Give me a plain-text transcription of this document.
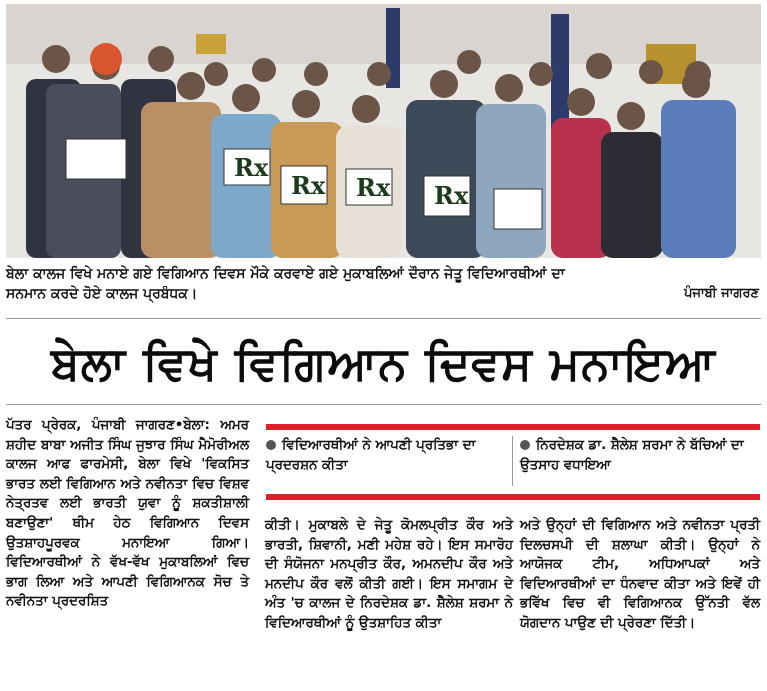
Rx
Rx Rx Rx
ਬੇਲਾ ਕਾਲਜ ਵਿਖੇ ਮਨਾਏ ਗਏ ਵਿਗਿਆਨ ਦਿਵਸ ਮੌਕੇ ਕਰਵਾਏ ਗਏ ਮੁਕਾਬਲਿਆਂ ਦੌਰਾਨ ਜੇਤੂ ਵਿਦਿਆਰਥੀਆਂ ਦਾ
ਸਨਮਾਨ ਕਰਦੇ ਹੋਏ ਕਾਲਜ ਪ੍ਰਬੰਧਕ।	ਪੰਜਾਬੀ ਜਾਗਰਣ
ਬੇਲਾ ਵਿਖੇ ਵਿਗਿਆਨ ਦਿਵਸ ਮਨਾਇਆ

ਪੱਤਰ ਪ੍ਰੇਰਕ, ਪੰਜਾਬੀ ਜਾਗਰਣ•ਬੇਲਾ: ਅਮਰ ਸ਼ਹੀਦ ਬਾਬਾ ਅਜੀਤ ਸਿੰਘ ਜੁਝਾਰ ਸਿੰਘ ਮੈਮੋਰੀਅਲ ਕਾਲਜ ਆਫ ਫਾਰਮੇਸੀ, ਬੇਲਾ ਵਿਖੇ 'ਵਿਕਸਿਤ ਭਾਰਤ ਲਈ ਵਿਗਿਆਨ ਅਤੇ ਨਵੀਨਤਾ ਵਿਚ ਵਿਸ਼ਵ ਨੇਤ੍ਰਤਵ ਲਈ ਭਾਰਤੀ ਯੁਵਾ ਨੂੰ ਸ਼ਕਤੀਸ਼ਾਲੀ ਬਣਾਉਣਾ' ਥੀਮ ਹੇਠ ਵਿਗਿਆਨ ਦਿਵਸ ਉਤਸ਼ਾਹਪੂਰਵਕ ਮਨਾਇਆ ਗਿਆ। ਵਿਦਿਆਰਥੀਆਂ ਨੇ ਵੱਖ-ਵੱਖ ਮੁਕਾਬਲਿਆਂ ਵਿਚ ਭਾਗ ਲਿਆ ਅਤੇ ਆਪਣੀ ਵਿਗਿਆਨਕ ਸੋਚ ਤੇ ਨਵੀਨਤਾ ਪ੍ਰਦਰਸ਼ਿਤ

ਵਿਦਿਆਰਥੀਆਂ ਨੇ ਆਪਣੀ ਪ੍ਰਤਿਭਾ ਦਾ ਪ੍ਰਦਰਸ਼ਨ ਕੀਤਾ
ਨਿਰਦੇਸ਼ਕ ਡਾ. ਸ਼ੈਲੇਸ਼ ਸ਼ਰਮਾ ਨੇ ਬੱਚਿਆਂ ਦਾ ਉਤਸਾਹ ਵਧਾਇਆ

ਕੀਤੀ। ਮੁਕਾਬਲੇ ਦੇ ਜੇਤੂ ਕੋਮਲਪ੍ਰੀਤ ਕੌਰ ਅਤੇ ਭਾਰਤੀ, ਸ਼ਿਵਾਨੀ, ਮਣੀ ਮਹੇਸ਼ ਰਹੇ। ਇਸ ਸਮਾਰੋਹ ਦੀ ਸੰਯੋਜਨਾ ਮਨਪ੍ਰੀਤ ਕੌਰ, ਅਮਨਦੀਪ ਕੌਰ ਅਤੇ ਮਨਦੀਪ ਕੌਰ ਵਲੋਂ ਕੀਤੀ ਗਈ। ਇਸ ਸਮਾਗਮ ਦੇ ਅੰਤ 'ਚ ਕਾਲਜ ਦੇ ਨਿਰਦੇਸ਼ਕ ਡਾ. ਸ਼ੈਲੇਸ਼ ਸ਼ਰਮਾ ਨੇ ਵਿਦਿਆਰਥੀਆਂ ਨੂੰ ਉਤਸ਼ਾਹਿਤ ਕੀਤਾ

ਅਤੇ ਉਨ੍ਹਾਂ ਦੀ ਵਿਗਿਆਨ ਅਤੇ ਨਵੀਨਤਾ ਪ੍ਰਤੀ ਦਿਲਚਸਪੀ ਦੀ ਸ਼ਲਾਘਾ ਕੀਤੀ। ਉਨ੍ਹਾਂ ਨੇ ਆਯੋਜਕ ਟੀਮ, ਅਧਿਆਪਕਾਂ ਅਤੇ ਵਿਦਿਆਰਥੀਆਂ ਦਾ ਧੰਨਵਾਦ ਕੀਤਾ ਅਤੇ ਇਵੇਂ ਹੀ ਭਵਿੱਖ ਵਿਚ ਵੀ ਵਿਗਿਆਨਕ ਉੱਨਤੀ ਵੱਲ ਯੋਗਦਾਨ ਪਾਉਣ ਦੀ ਪ੍ਰੇਰਣਾ ਦਿੱਤੀ।
